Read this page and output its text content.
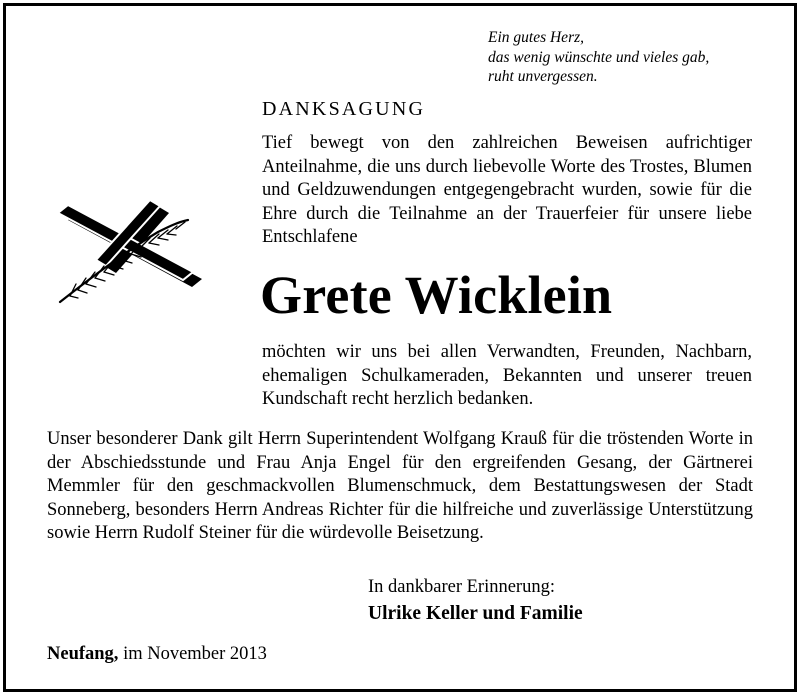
Ein gutes Herz,
das wenig wünschte und vieles gab,
ruht unvergessen.
DANKSAGUNG
Tief bewegt von den zahlreichen Beweisen aufrichtiger Anteilnahme, die uns durch liebevolle Worte des Trostes, Blumen und Geldzuwendungen entgegengebracht wurden, sowie für die Ehre durch die Teilnahme an der Trauerfeier für unsere liebe Entschlafene
Grete Wicklein
möchten wir uns bei allen Verwandten, Freunden, Nachbarn, ehemaligen Schulkameraden, Bekannten und unserer treuen Kundschaft recht herzlich bedanken.
Unser besonderer Dank gilt Herrn Superintendent Wolfgang Krauß für die tröstenden Worte in der Abschiedsstunde und Frau Anja Engel für den ergreifenden Gesang, der Gärtnerei Memmler für den geschmackvollen Blumenschmuck, dem Bestattungswesen der Stadt Sonneberg, besonders Herrn Andreas Richter für die hilfreiche und zuverlässige Unterstützung sowie Herrn Rudolf Steiner für die würdevolle Beisetzung.
In dankbarer Erinnerung:
Ulrike Keller und Familie
Neufang, im November 2013
